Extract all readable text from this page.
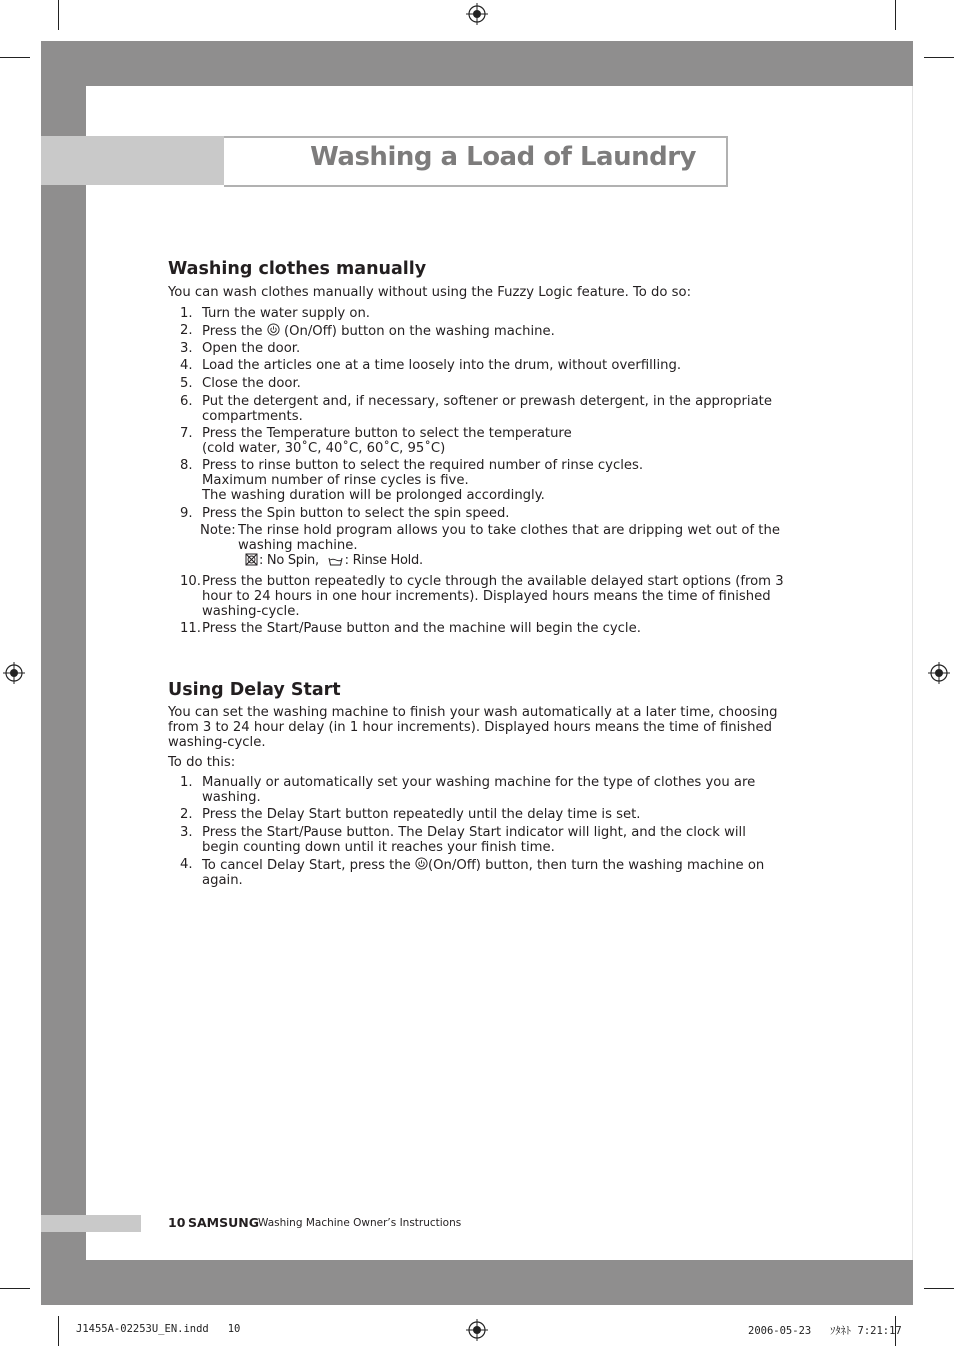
Washing a Load of Laundry
Washing clothes manually
You can wash clothes manually without using the Fuzzy Logic feature. To do so:
1. Turn the water supply on.
2. Press the (On/Off) button on the washing machine.
3. Open the door.
4. Load the articles one at a time loosely into the drum, without overfilling.
5. Close the door.
6. Put the detergent and, if necessary, softener or prewash detergent, in the appropriate
compartments.
7. Press the Temperature button to select the temperature
(cold water, 30˚C, 40˚C, 60˚C, 95˚C)
8. Press to rinse button to select the required number of rinse cycles.
Maximum number of rinse cycles is five.
The washing duration will be prolonged accordingly.
9. Press the Spin button to select the spin speed.
Note: The rinse hold program allows you to take clothes that are dripping wet out of the
washing machine.
: No Spin, : Rinse Hold.
10. Press the button repeatedly to cycle through the available delayed start options (from 3
hour to 24 hours in one hour increments). Displayed hours means the time of finished
washing-cycle.
11. Press the Start/Pause button and the machine will begin the cycle.
Using Delay Start
You can set the washing machine to finish your wash automatically at a later time, choosing
from 3 to 24 hour delay (in 1 hour increments). Displayed hours means the time of finished
washing-cycle.
To do this:
1. Manually or automatically set your washing machine for the type of clothes you are
washing.
2. Press the Delay Start button repeatedly until the delay time is set.
3. Press the Start/Pause button. The Delay Start indicator will light, and the clock will
begin counting down until it reaches your finish time.
4. To cancel Delay Start, press the (On/Off) button, then turn the washing machine on
again.
10 SAMSUNG Washing Machine Owner’s Instructions
J1455A-02253U_EN.indd   10	2006-05-23   ｿﾀﾈﾄ 7:21:17
